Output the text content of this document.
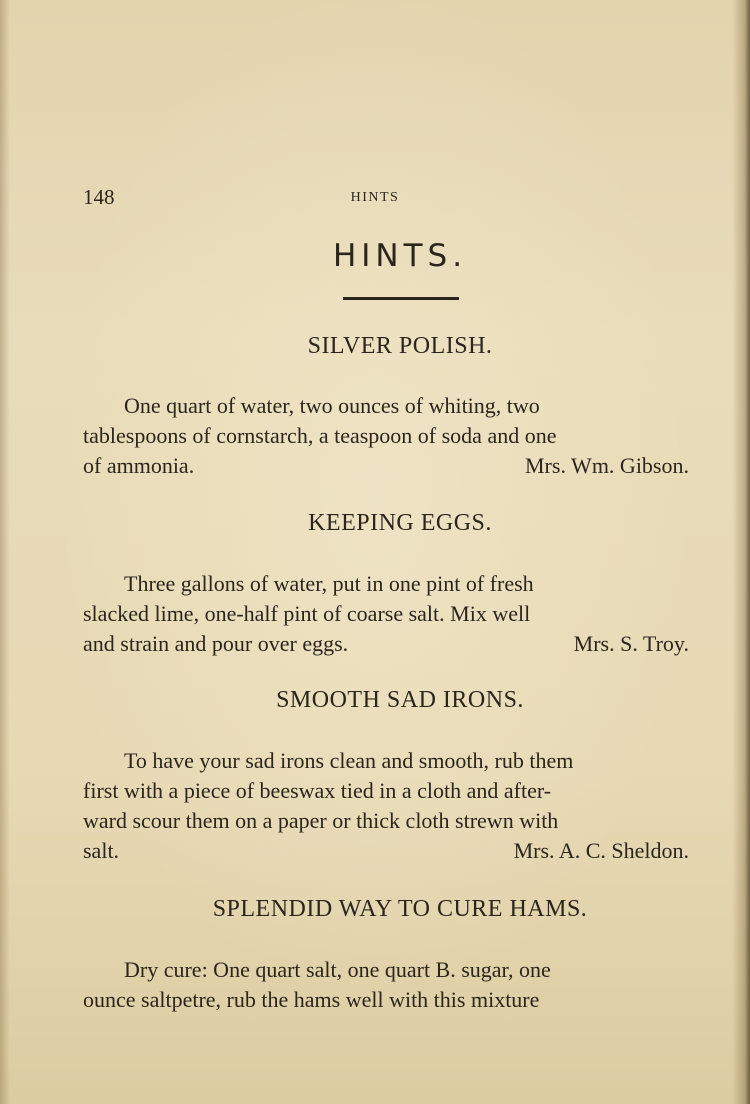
148	HINTS
HINTS.
SILVER POLISH.
One quart of water, two ounces of whiting, two
tablespoons of cornstarch, a teaspoon of soda and one
of ammonia.	Mrs. Wm. Gibson.
KEEPING EGGS.
Three gallons of water, put in one pint of fresh
slacked lime, one-half pint of coarse salt. Mix well
and strain and pour over eggs.	Mrs. S. Troy.
SMOOTH SAD IRONS.
To have your sad irons clean and smooth, rub them
first with a piece of beeswax tied in a cloth and after-
ward scour them on a paper or thick cloth strewn with
salt.	Mrs. A. C. Sheldon.
SPLENDID WAY TO CURE HAMS.
Dry cure: One quart salt, one quart B. sugar, one
ounce saltpetre, rub the hams well with this mixture
